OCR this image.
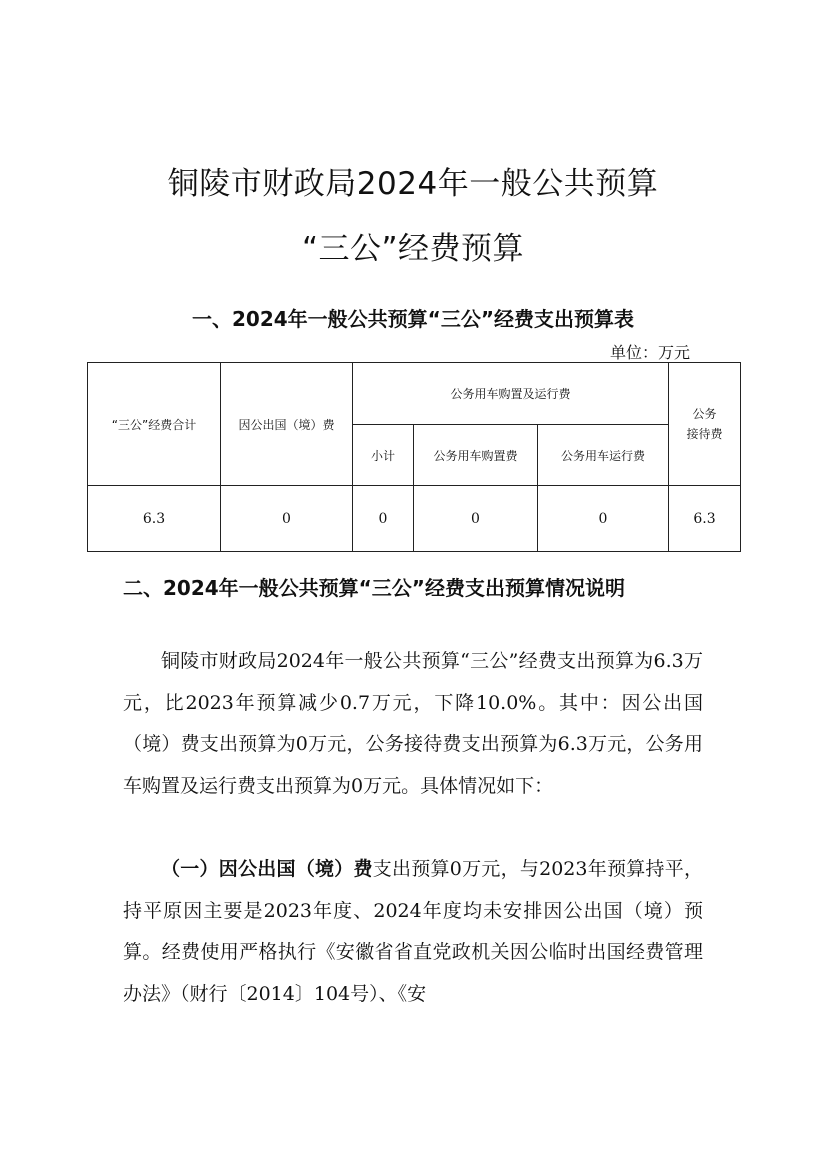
铜陵市财政局2024年一般公共预算
“三公”经费预算
一、2024年一般公共预算“三公”经费支出预算表
单位：万元
“三公”经费合计	因公出国（境）费	公务用车购置及运行费			公务
接待费
		小计	公务用车购置费	公务用车运行费	
6.3	0	0	0	0	6.3
二、2024年一般公共预算“三公”经费支出预算情况说明
铜陵市财政局2024年一般公共预算“三公”经费支出预算为6.3万元，比2023年预算减少0.7万元，下降10.0%。其中：因公出国（境）费支出预算为0万元，公务接待费支出预算为6.3万元，公务用车购置及运行费支出预算为0万元。具体情况如下：
（一）因公出国（境）费支出预算0万元，与2023年预算持平，持平原因主要是2023年度、2024年度均未安排因公出国（境）预算。经费使用严格执行《安徽省省直党政机关因公临时出国经费管理办法》（财行〔2014〕104号）、《安
